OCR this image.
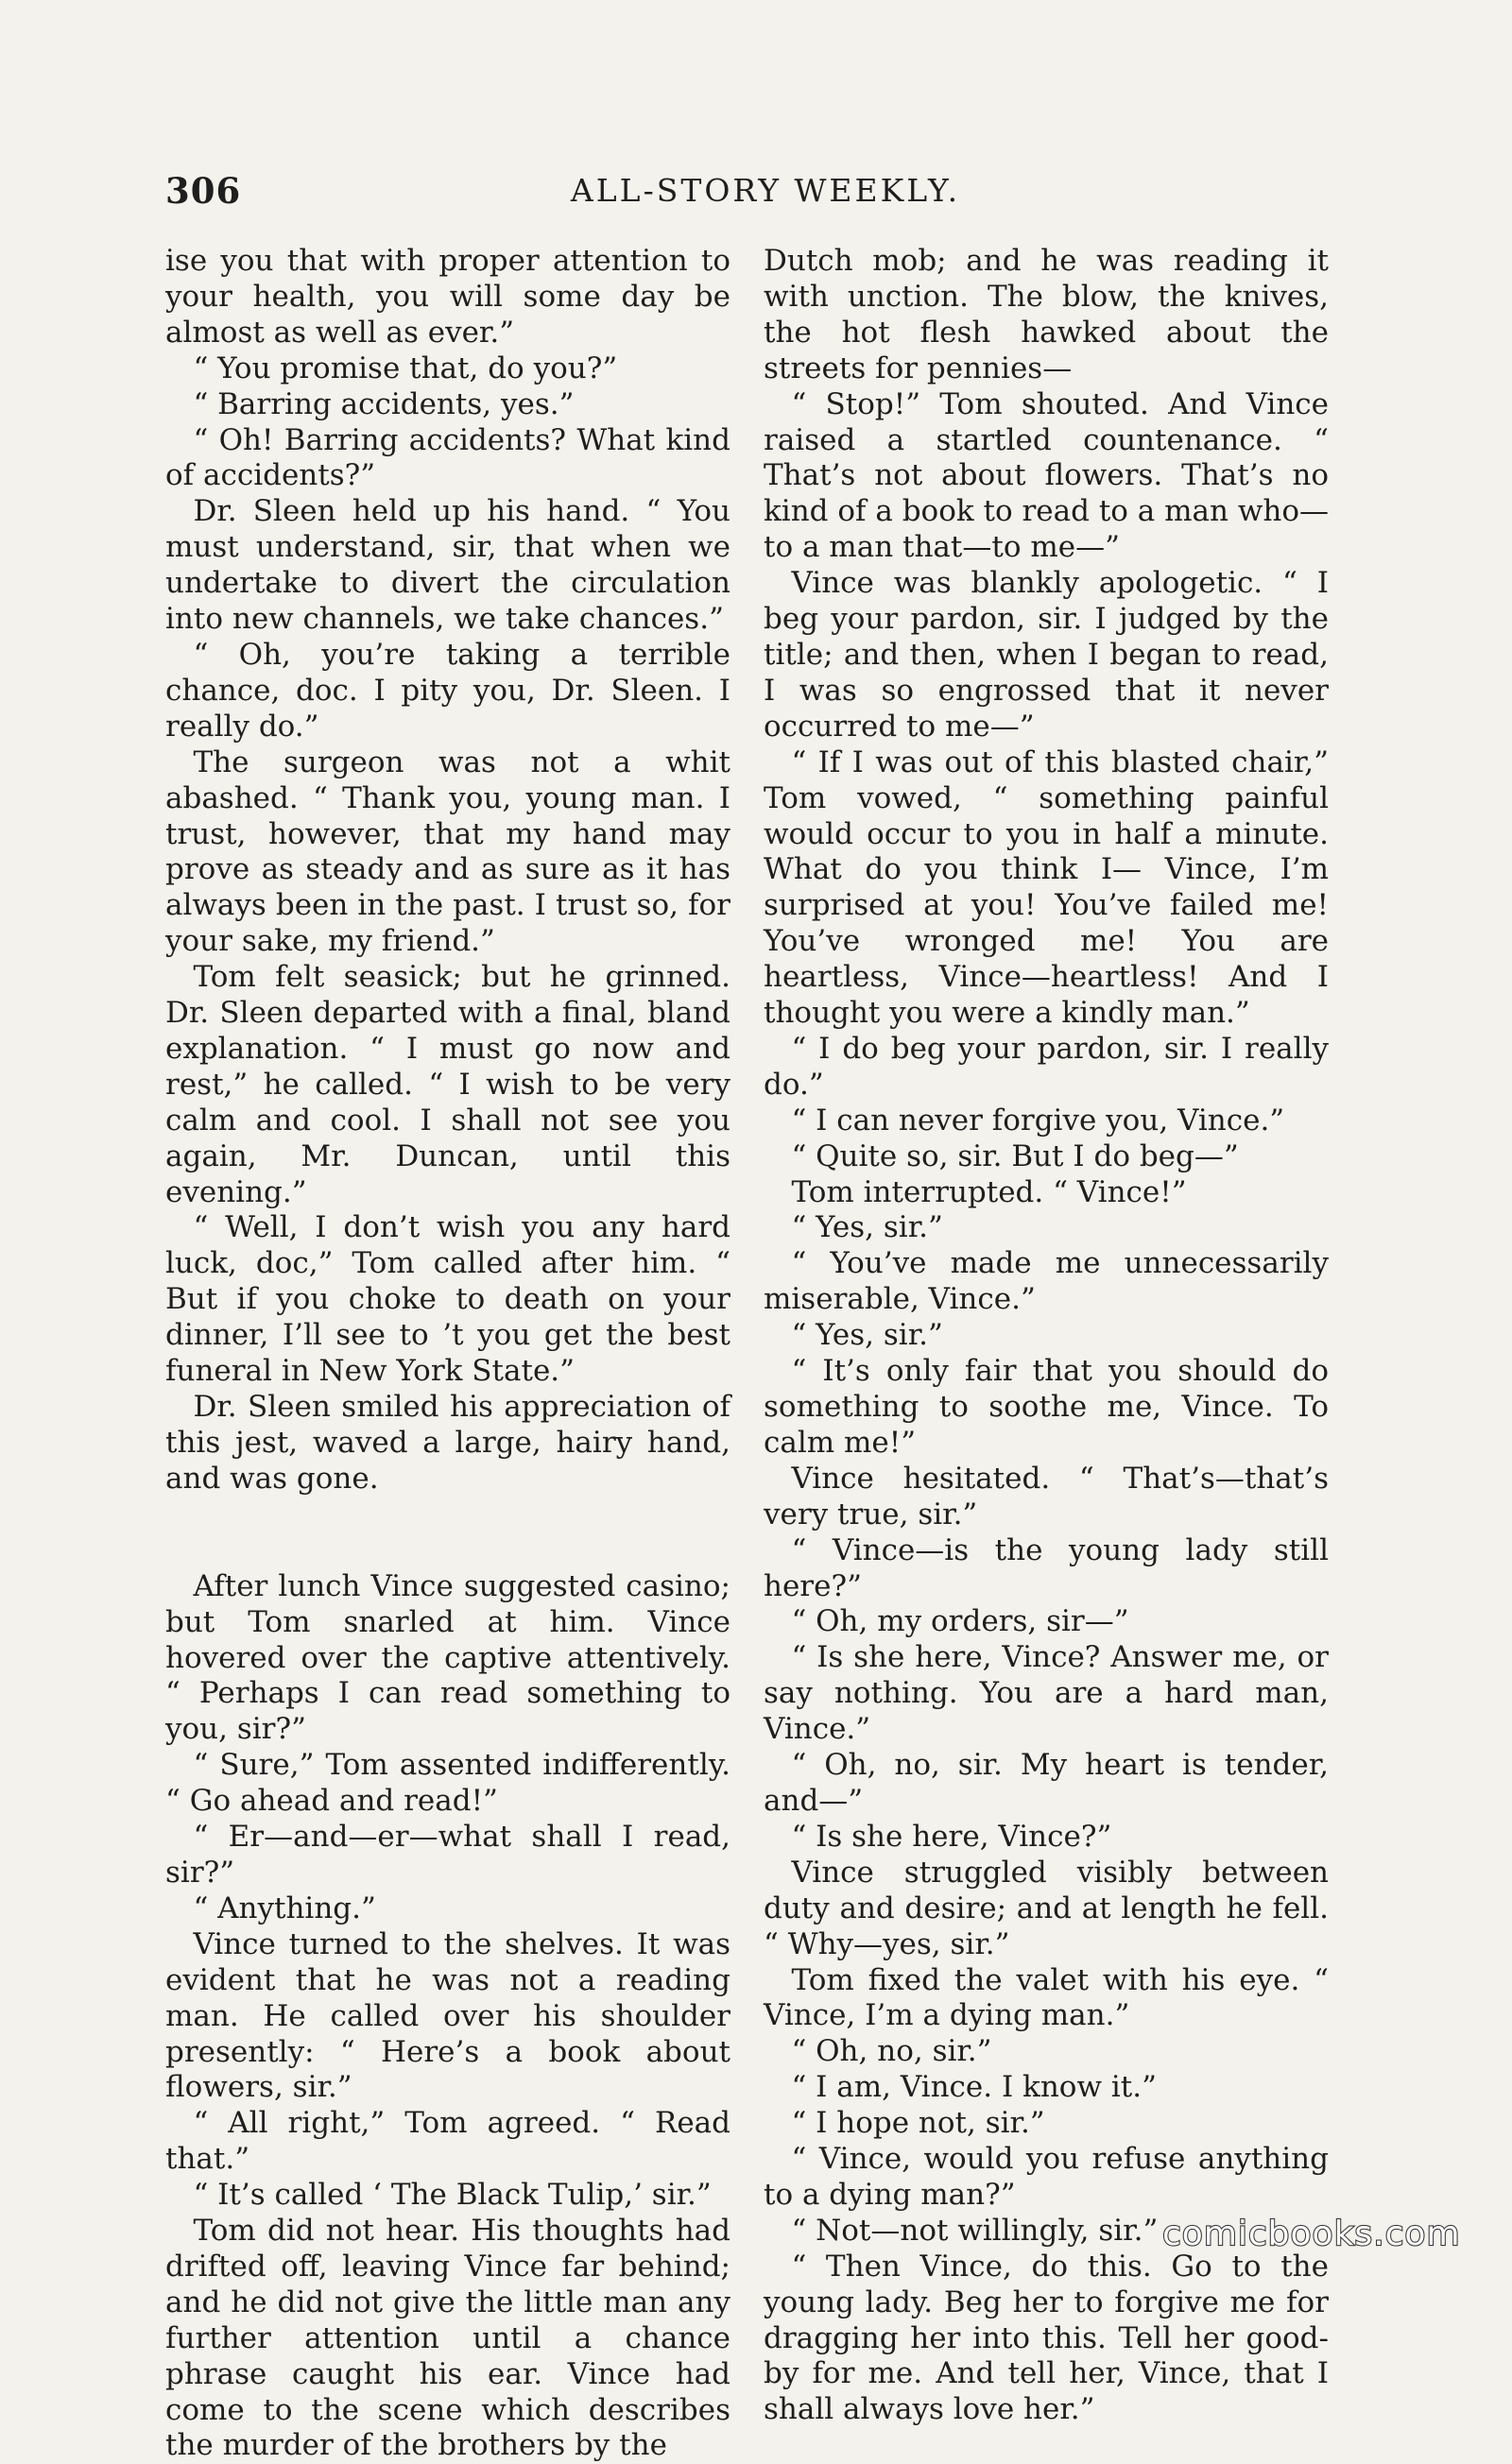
306	ALL-STORY WEEKLY.

ise you that with proper attention to your health, you will some day be almost as well as ever.”

“ You promise that, do you?”

“ Barring accidents, yes.”

“ Oh! Barring accidents? What kind of accidents?”

Dr. Sleen held up his hand. “ You must understand, sir, that when we undertake to divert the circulation into new channels, we take chances.”

“ Oh, you’re taking a terrible chance, doc. I pity you, Dr. Sleen. I really do.”

The surgeon was not a whit abashed. “ Thank you, young man. I trust, however, that my hand may prove as steady and as sure as it has always been in the past. I trust so, for your sake, my friend.”

Tom felt seasick; but he grinned. Dr. Sleen departed with a final, bland explanation. “ I must go now and rest,” he called. “ I wish to be very calm and cool. I shall not see you again, Mr. Duncan, until this evening.”

“ Well, I don’t wish you any hard luck, doc,” Tom called after him. “ But if you choke to death on your dinner, I’ll see to ’t you get the best funeral in New York State.”

Dr. Sleen smiled his appreciation of this jest, waved a large, hairy hand, and was gone.

After lunch Vince suggested casino; but Tom snarled at him. Vince hovered over the captive attentively. “ Perhaps I can read something to you, sir?”

“ Sure,” Tom assented indifferently. “ Go ahead and read!”

“ Er—and—er—what shall I read, sir?”

“ Anything.”

Vince turned to the shelves. It was evident that he was not a reading man. He called over his shoulder presently: “ Here’s a book about flowers, sir.”

“ All right,” Tom agreed. “ Read that.”

“ It’s called ‘ The Black Tulip,’ sir.”

Tom did not hear. His thoughts had drifted off, leaving Vince far behind; and he did not give the little man any further attention until a chance phrase caught his ear. Vince had come to the scene which describes the murder of the brothers by the

Dutch mob; and he was reading it with unction. The blow, the knives, the hot flesh hawked about the streets for pennies—

“ Stop!” Tom shouted. And Vince raised a startled countenance. “ That’s not about flowers. That’s no kind of a book to read to a man who—to a man that—to me—”

Vince was blankly apologetic. “ I beg your pardon, sir. I judged by the title; and then, when I began to read, I was so engrossed that it never occurred to me—”

“ If I was out of this blasted chair,” Tom vowed, “ something painful would occur to you in half a minute. What do you think I— Vince, I’m surprised at you! You’ve failed me! You’ve wronged me! You are heartless, Vince—heartless! And I thought you were a kindly man.”

“ I do beg your pardon, sir. I really do.”

“ I can never forgive you, Vince.”

“ Quite so, sir. But I do beg—”

Tom interrupted. “ Vince!”

“ Yes, sir.”

“ You’ve made me unnecessarily miserable, Vince.”

“ Yes, sir.”

“ It’s only fair that you should do something to soothe me, Vince. To calm me!”

Vince hesitated. “ That’s—that’s very true, sir.”

“ Vince—is the young lady still here?”

“ Oh, my orders, sir—”

“ Is she here, Vince? Answer me, or say nothing. You are a hard man, Vince.”

“ Oh, no, sir. My heart is tender, and—”

“ Is she here, Vince?”

Vince struggled visibly between duty and desire; and at length he fell. “ Why—yes, sir.”

Tom fixed the valet with his eye. “ Vince, I’m a dying man.”

“ Oh, no, sir.”

“ I am, Vince. I know it.”

“ I hope not, sir.”

“ Vince, would you refuse anything to a dying man?”

“ Not—not willingly, sir.”

“ Then Vince, do this. Go to the young lady. Beg her to forgive me for dragging her into this. Tell her good-by for me. And tell her, Vince, that I shall always love her.”

comicbooks.com
